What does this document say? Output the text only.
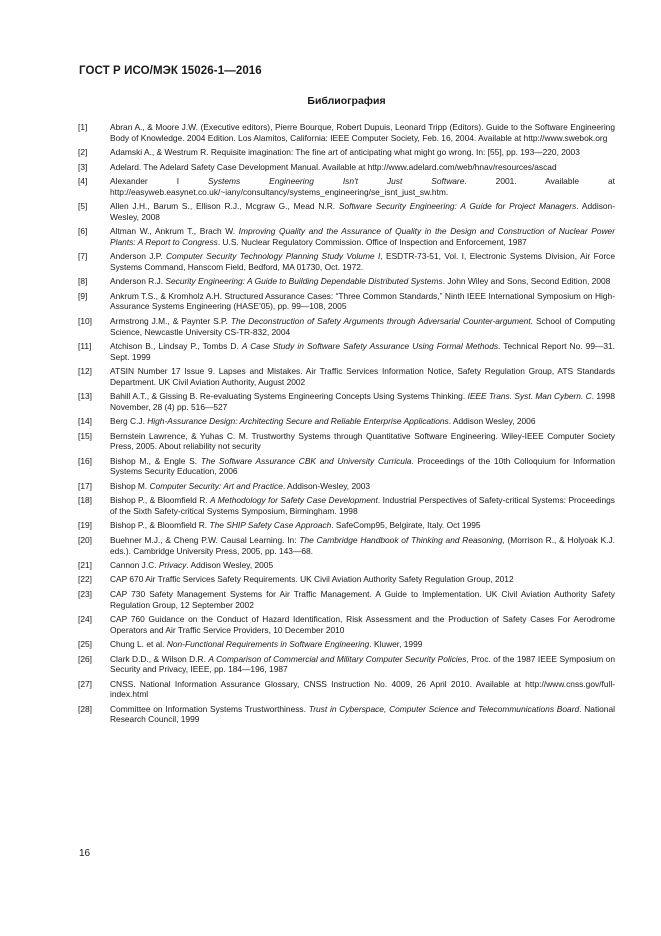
ГОСТ Р ИСО/МЭК 15026-1—2016
Библиография
[1]	Abran A., & Moore J.W. (Executive editors), Pierre Bourque, Robert Dupuis, Leonard Tripp (Editors). Guide to the Software Engineering Body of Knowledge. 2004 Edition. Los Alamitos, California: IEEE Computer Society, Feb. 16, 2004. Available at http://www.swebok.org
[2]	Adamski A., & Westrum R. Requisite imagination: The fine art of anticipating what might go wrong. In: [55], pp. 193—220, 2003
[3]	Adelard. The Adelard Safety Case Development Manual. Available at http://www.adelard.com/web/hnav/resources/ascad
[4]	Alexander I Systems Engineering Isn't Just Software. 2001. Available at http://easyweb.easynet.co.uk/~iany/consultancy/systems_engineering/se_isnt_just_sw.htm.
[5]	Allen J.H., Barum S., Ellison R.J., Mcgraw G., Mead N.R. Software Security Engineering: A Guide for Project Managers. Addison-Wesley, 2008
[6]	Altman W., Ankrum T., Brach W. Improving Quality and the Assurance of Quality in the Design and Construction of Nuclear Power Plants: A Report to Congress. U.S. Nuclear Regulatory Commission. Office of Inspection and Enforcement, 1987
[7]	Anderson J.P. Computer Security Technology Planning Study Volume I, ESDTR-73-51, Vol. I, Electronic Systems Division, Air Force Systems Command, Hanscom Field, Bedford, MA 01730, Oct. 1972.
[8]	Anderson R.J. Security Engineering: A Guide to Building Dependable Distributed Systems. John Wiley and Sons, Second Edition, 2008
[9]	Ankrum T.S., & Kromholz A.H. Structured Assurance Cases: “Three Common Standards,” Ninth IEEE International Symposium on High-Assurance Systems Engineering (HASE’05), pp. 99—108, 2005
[10]	Armstrong J.M., & Paynter S.P. The Deconstruction of Safety Arguments through Adversarial Counter-argument. School of Computing Science, Newcastle University CS-TR-832, 2004
[11]	Atchison B., Lindsay P., Tombs D. A Case Study in Software Safety Assurance Using Formal Methods. Technical Report No. 99—31. Sept. 1999
[12]	ATSIN Number 17 Issue 9. Lapses and Mistakes. Air Traffic Services Information Notice, Safety Regulation Group, ATS Standards Department. UK Civil Aviation Authority, August 2002
[13]	Bahill A.T., & Gissing B. Re-evaluating Systems Engineering Concepts Using Systems Thinking. IEEE Trans. Syst. Man Cybern. C. 1998 November, 28 (4) pp. 516—527
[14]	Berg C.J. High-Assurance Design: Architecting Secure and Reliable Enterprise Applications. Addison Wesley, 2006
[15]	Bernstein Lawrence, & Yuhas C. M. Trustworthy Systems through Quantitative Software Engineering. Wiley-IEEE Computer Society Press, 2005. About reliability not security
[16]	Bishop M., & Engle S. The Software Assurance CBK and University Curricula. Proceedings of the 10th Colloquium for Information Systems Security Education, 2006
[17]	Bishop M. Computer Security: Art and Practice. Addison-Wesley, 2003
[18]	Bishop P., & Bloomfield R. A Methodology for Safety Case Development. Industrial Perspectives of Safety-critical Systems: Proceedings of the Sixth Safety-critical Systems Symposium, Birmingham. 1998
[19]	Bishop P., & Bloomfield R. The SHIP Safety Case Approach. SafeComp95, Belgirate, Italy. Oct 1995
[20]	Buehner M.J., & Cheng P.W. Causal Learning. In: The Cambridge Handbook of Thinking and Reasoning, (Morrison R., & Holyoak K.J. eds.). Cambridge University Press, 2005, pp. 143—68.
[21]	Cannon J.C. Privacy. Addison Wesley, 2005
[22]	CAP 670 Air Traffic Services Safety Requirements. UK Civil Aviation Authority Safety Regulation Group, 2012
[23]	CAP 730 Safety Management Systems for Air Traffic Management. A Guide to Implementation. UK Civil Aviation Authority Safety Regulation Group, 12 September 2002
[24]	CAP 760 Guidance on the Conduct of Hazard Identification, Risk Assessment and the Production of Safety Cases For Aerodrome Operators and Air Traffic Service Providers, 10 December 2010
[25]	Chung L. et al. Non-Functional Requirements in Software Engineering. Kluwer, 1999
[26]	Clark D.D., & Wilson D.R. A Comparison of Commercial and Military Computer Security Policies, Proc. of the 1987 IEEE Symposium on Security and Privacy, IEEE, pp. 184—196, 1987
[27]	CNSS. National Information Assurance Glossary, CNSS Instruction No. 4009, 26 April 2010. Available at http://www.cnss.gov/full-index.html
[28]	Committee on Information Systems Trustworthiness. Trust in Cyberspace, Computer Science and Telecommunications Board. National Research Council, 1999
16
